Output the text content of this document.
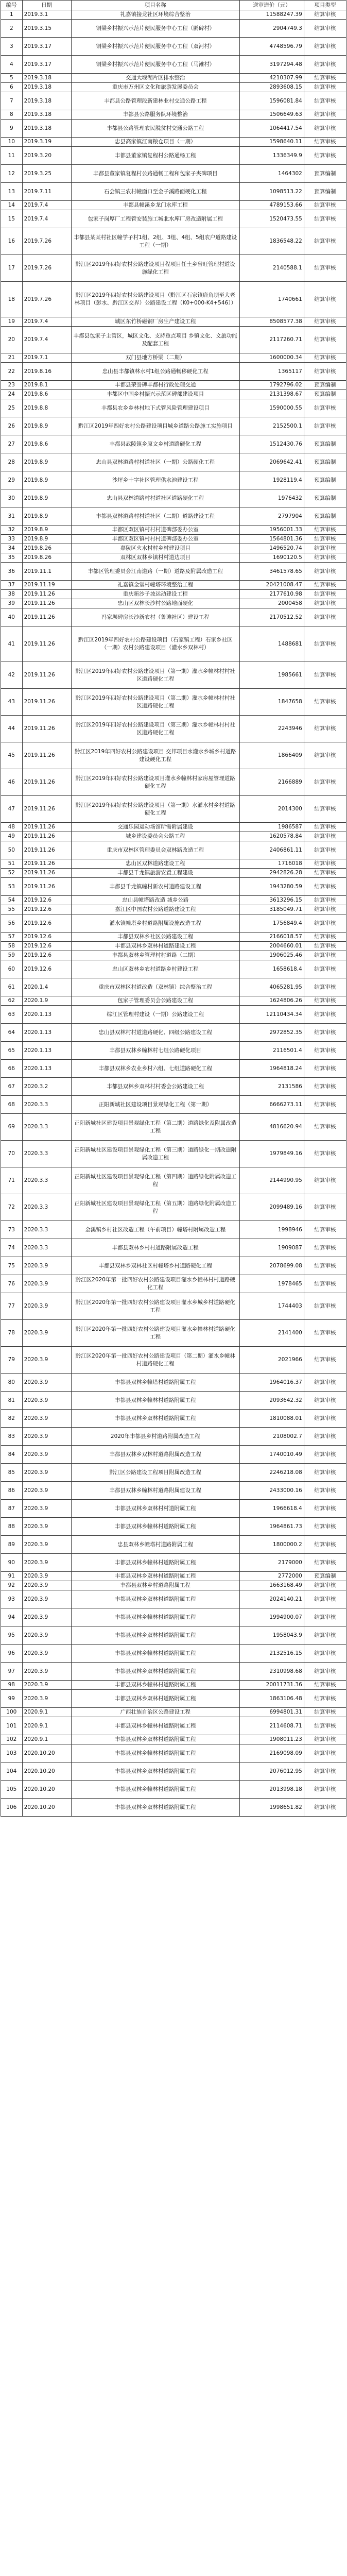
编号	日期	项目名称	送审造价（元）	项目类型
1	2019.3.1	礼嘉镇接龙社区环境综合整治	11588247.39	结算审核
2	2019.3.15	铜梁乡村振兴示范片便民服务中心工程（鹏碑村）	2904749.3	结算审核
3	2019.3.17	铜梁乡村振兴示范片便民服务中心工程（双河村）	4748596.79	结算审核
4	2019.3.17	铜梁乡村振兴示范片便民服务中心工程（马滩村）	3197294.48	结算审核
5	2019.3.18	交通大堰湖片区排水整治	4210307.99	结算审核
6	2019.3.18	重庆市万州区文化和旅游发展委员会	2893608.15	结算审核
7	2019.3.18	丰都县公路管理段新建林业村交通公路工程	1596081.84	结算审核
8	2019.3.18	丰都县公路服务队环境整治	1506649.63	结算审核
9	2019.3.18	丰都县公路管理农民脱贫村交通公路工程	1064417.54	结算审核
10	2019.3.19	忠县高家镇江南粮仓项目（一期）	1598640.11	结算审核
11	2019.3.20	丰都县董家镇复程村公路通畅工程	1336349.9	结算审核
12	2019.3.25	丰都县董家镇复程村公路通畅工程和包家子夹碑项目	1464302	预算编制
13	2019.7.11	石会镇三农村幢面口至金子溪路面硬化工程	1098513.22	预算编制
14	2019.7.4	丰都县幢溪乡龙门水库工程	4789153.66	结算审核
15	2019.7.4	包家子岗厚厂工程管安装施工城北水库厂房改造附属工程	1520473.55	结算审核
16	2019.7.26	丰都县某某村社区幢学子村1组、2组、3组、4组、5组农户道路建设工程（一期）	1836548.22	结算审核
17	2019.7.26	黔江区2019年四好农村公路建设项目程项目任土乡曾旺管理村道设施绿化工程	2140588.1	结算审核
18	2019.7.26	黔江区2019年四好农村公路建设项目（黔江区石家镇鹿角坝至大老林项目（彭水、黔江区交界）公路建设工程（K0+000-K4+546））	1740661	结算审核
19	2019.7.4	城区东竹桥磁钢厂房生产建设工程	8508577.38	结算审核
20	2019.7.4	丰都县包家子主管区，城区文化、支持重点项目 乡镇文化、文旅功能及配套工程	2117260.71	结算审核
21	2019.7.1	双门县地方桥梁（二期）	1600000.34	结算审核
22	2019.8.16	忠山县丰都镇林水村1组公路通畅移硬化工程	1365117	结算审核
23	2019.8.1	丰都县荣誉碑丰都村行政处理交通	1792796.02	预算编制
24	2019.8.6	丰都区中国乡村振兴示范区碑部建设项目	2131398.67	预算编制
25	2019.8.8	丰都县农乡乡林村地下式管风险管理建设项目	1590000.55	结算审核
26	2019.8.9	黔江区2019年四好农村公路建设项目城乡道路公路施工实施项目	2152500.1	结算审核
27	2019.8.6	丰都县武陵镇乡原文乡村道路硬化工程	1512430.76	预算编制
28	2019.8.9	忠山县双林道路村村道社区（一期）公路硬化工程	2069642.41	预算编制
29	2019.8.9	沙坪乡十字社区管理供水池建设工程	1928119.4	预算编制
30	2019.8.9	忠山县双林道路村村道社区道路硬化工程	1976432	预算编制
31	2019.8.9	丰都县双林道路村村道社区（二期）道路建设工程	2797904	预算编制
32	2019.8.9	丰都区双区镇村村村道碑部委办公室	1956001.33	结算审核
33	2019.8.9	丰都区双区镇村村村道碑部委办公室	1564801.36	结算审核
34	2019.8.26	嘉陵区火水村村乡村建设项目	1496520.74	结算审核
35	2019.8.26	双林区双林乡镇村村道边项目	1690120.5	结算审核
36	2019.11.1	丰都区管理委员会江南道路（一期）道路及附属改造工程	3461578.65	结算审核
37	2019.11.19	礼嘉镇金堂村幢塔环境整治工程	20421008.47	结算审核
38	2019.11.26	重庆新沙子坡运动建设工程	2177610.98	结算审核
39	2019.11.26	忠山区双林长沙村公路地面硬化	2000458	结算审核
40	2019.11.26	冯家坝碑房长沙新农村（鲁滩社区）建设工程	2170512.52	结算审核
41	2019.11.26	黔江区2019年四好农村公路建设项目（石家镇工程）石家乡社区（一期）农村公路建设项目（灌水乡双林村）	1488681	结算审核
42	2019.11.26	黔江区2019年四好农村公路建设项目（第一期）灌水乡幢林村村社区道路硬化工程	1985661	结算审核
43	2019.11.26	黔江区2019年四好农村公路建设项目（第二期）灌水乡幢林村村社区道路硬化工程	1847658	结算审核
44	2019.11.26	黔江区2019年四好农村公路建设项目（第三期）灌水乡幢林村村社区道路硬化工程	2243946	结算审核
45	2019.11.26	黔江区2019年四好农村公路建设项目 交邦项目水灌水乡城乡村道路建设硬化工程	1866409	结算审核
46	2019.11.26	黔江区2019年四好农村公路建设项目灌水乡幢林村家房屋管理道路硬化工程	2166889	结算审核
47	2019.11.26	黔江区2019年四好农村公路建设项目（第一期）水灌水村乡村道路硬化工程	2014300	结算审核
48	2019.11.26	交通乐园运动场馆所需附属建设	1986587	结算审核
49	2019.11.26	城乡建设委员会公路工程	1620578.84	结算审核
50	2019.11.26	重庆市双林区管理委员会双林路改造工程	2406861.11	结算审核
51	2019.11.26	忠山区双林道路建设工程	1716018	结算审核
52	2019.11.26	丰都县千龙镇旅游安置工程建设	2942826.28	结算审核
53	2019.11.26	丰都县千龙镇幢村新农村道路建设工程	1943280.59	结算审核
54	2019.12.6	忠山县幢塔路改造 城乡公路	3613296.15	结算审核
55	2019.12.6	嘉江区中国农村公路道路建设工程	3185049.71	结算审核
56	2019.12.6	灌水镇幢塔乡村道路附属设施改造工程	1756849.4	结算审核
57	2019.12.6	丰都县双林乡社区公路建设工程	2166018.57	结算审核
58	2019.12.6	丰都县双林乡双林村道路建设工程	2004660.01	结算审核
59	2019.12.6	丰都县双林乡管理村村道路（二期）	1906025.46	结算审核
60	2019.12.6	忠山区双林乡农村道路乡村建设工程	1658618.4	结算审核
61	2020.1.4	重庆市双林区村道改造（双林镇）综合整治工程	4065281.95	结算审核
62	2020.1.9	包家子管理委员会公路建设工程	1624806.26	结算审核
63	2020.1.13	综江区管理村建设（一期）公路建设工程	12110434.34	结算审核
64	2020.1.13	忠山县双林村村道道路硬化、四级公路建设工程	2972852.35	结算审核
65	2020.1.13	丰都县双林乡幢林村七组公路硬化项目	2116501.4	结算审核
66	2020.1.13	丰都县双林乡农业乡村六组、七组道路硬化工程	1964818.24	结算审核
67	2020.3.2	丰都县双林乡双林村村委会公路建设工程	2131586	结算审核
68	2020.3.3	正阳新城社区建设项目景观绿化工程（第一期）	6666273.11	结算审核
69	2020.3.3	正阳新城社区建设项目景观绿化工程（第二期）道路绿化及附属改造工程	4816620.94	结算审核
70	2020.3.3	正阳新城社区建设项目景观绿化工程（第三期）道路绿化一期改造附属改造工程	1979849.16	结算审核
71	2020.3.3	正阳新城社区建设项目景观绿化工程（第四期）道路绿化附属改造工程	2144990.95	结算审核
72	2020.3.3	正阳新城社区建设项目景观绿化工程（第五期）道路绿化附属改造工程	2099489.16	结算审核
73	2020.3.3	金溪镇乡村社区改造工程（午前项目）幢塔村附属改造工程	1998946	结算审核
74	2020.3.3	丰都县双林乡村村道路附属改造工程	1909087	结算审核
75	2020.3.9	丰都县双林乡双林社区村幢塔乡村道路硬化工程	2078699.08	结算审核
76	2020.3.9	黔江区2020年第一批四好农村公路建设项目灌水乡幢林村村道路硬化工程	1978465	结算审核
77	2020.3.9	黔江区2020年第一批四好农村公路建设项目灌水乡城乡村道路硬化工程	1744403	结算审核
78	2020.3.9	黔江区2020年第一批四好农村公路建设项目灌水乡幢林村道路硬化工程	2141400	结算审核
79	2020.3.9	黔江区2020年第一批四好农村公路建设项目（第二期）灌水乡幢林村道路硬化工程	2021966	结算审核
80	2020.3.9	丰都县双林乡幢塔村道路附属工程	1964016.37	结算审核
81	2020.3.9	丰都县双林乡幢林村道路附属工程	2093642.32	结算审核
82	2020.3.9	丰都县双林乡双林村道路附属工程	1810088.01	结算审核
83	2020.3.9	2020年丰都县乡村道路附属改造工程	2108002.7	结算审核
84	2020.3.9	丰都县双林乡双林村道路附属改造工程	1740010.49	结算审核
85	2020.3.9	黔江区公路建设工程项目附属改造工程	2246218.08	结算审核
86	2020.3.9	丰都县双林乡幢林村道路附属建设工程	2433000.16	结算审核
87	2020.3.9	丰都县双林乡双林村村道附属工程	1966618.4	结算审核
88	2020.3.9	丰都县双林乡幢林村道路附属工程	1964861.73	结算审核
89	2020.3.9	忠县双林乡幢塔村道路附属工程	1800000.2	结算审核
90	2020.3.9	丰都县双林乡幢林村道路附属工程	2179000	结算审核
91	2020.3.9	丰都县双林乡双林村道路附属工程	2772000	预算编制
92	2020.3.9	丰都县双林乡村道路附属工程	1663168.49	结算审核
93	2020.3.9	丰都县双林乡双林村道路附属工程	2024140.21	结算审核
94	2020.3.9	丰都县双林乡幢林村道路附属工程	1994900.07	结算审核
95	2020.3.9	丰都县双林乡双林村道路附属工程	1958043.9	结算审核
96	2020.3.9	丰都县双林乡幢林村道路附属工程	2132516.15	结算审核
97	2020.3.9	丰都县双林乡双林村道路附属工程	2310998.68	结算审核
98	2020.3.9	丰都县双林乡幢林村道路附属工程	20011731.36	结算审核
99	2020.3.9	丰都县双林乡双林村道路附属工程	1863106.48	结算审核
100	2020.9.1	广西壮族自治区公路建设工程	6994801.31	结算审核
101	2020.9.1	丰都县双林乡幢林村道路附属工程	2114608.71	结算审核
102	2020.9.1	丰都县双林乡双林村道路附属工程	1908011.23	结算审核
103	2020.10.20	丰都县双林乡幢林村道路附属工程	2169098.09	结算审核
104	2020.10.20	丰都县双林乡双林村道路附属工程	2076012.95	结算审核
105	2020.10.20	丰都县双林乡幢林村道路附属工程	2013998.18	结算审核
106	2020.10.20	丰都县双林乡双林村道路附属工程	1998651.82	结算审核
